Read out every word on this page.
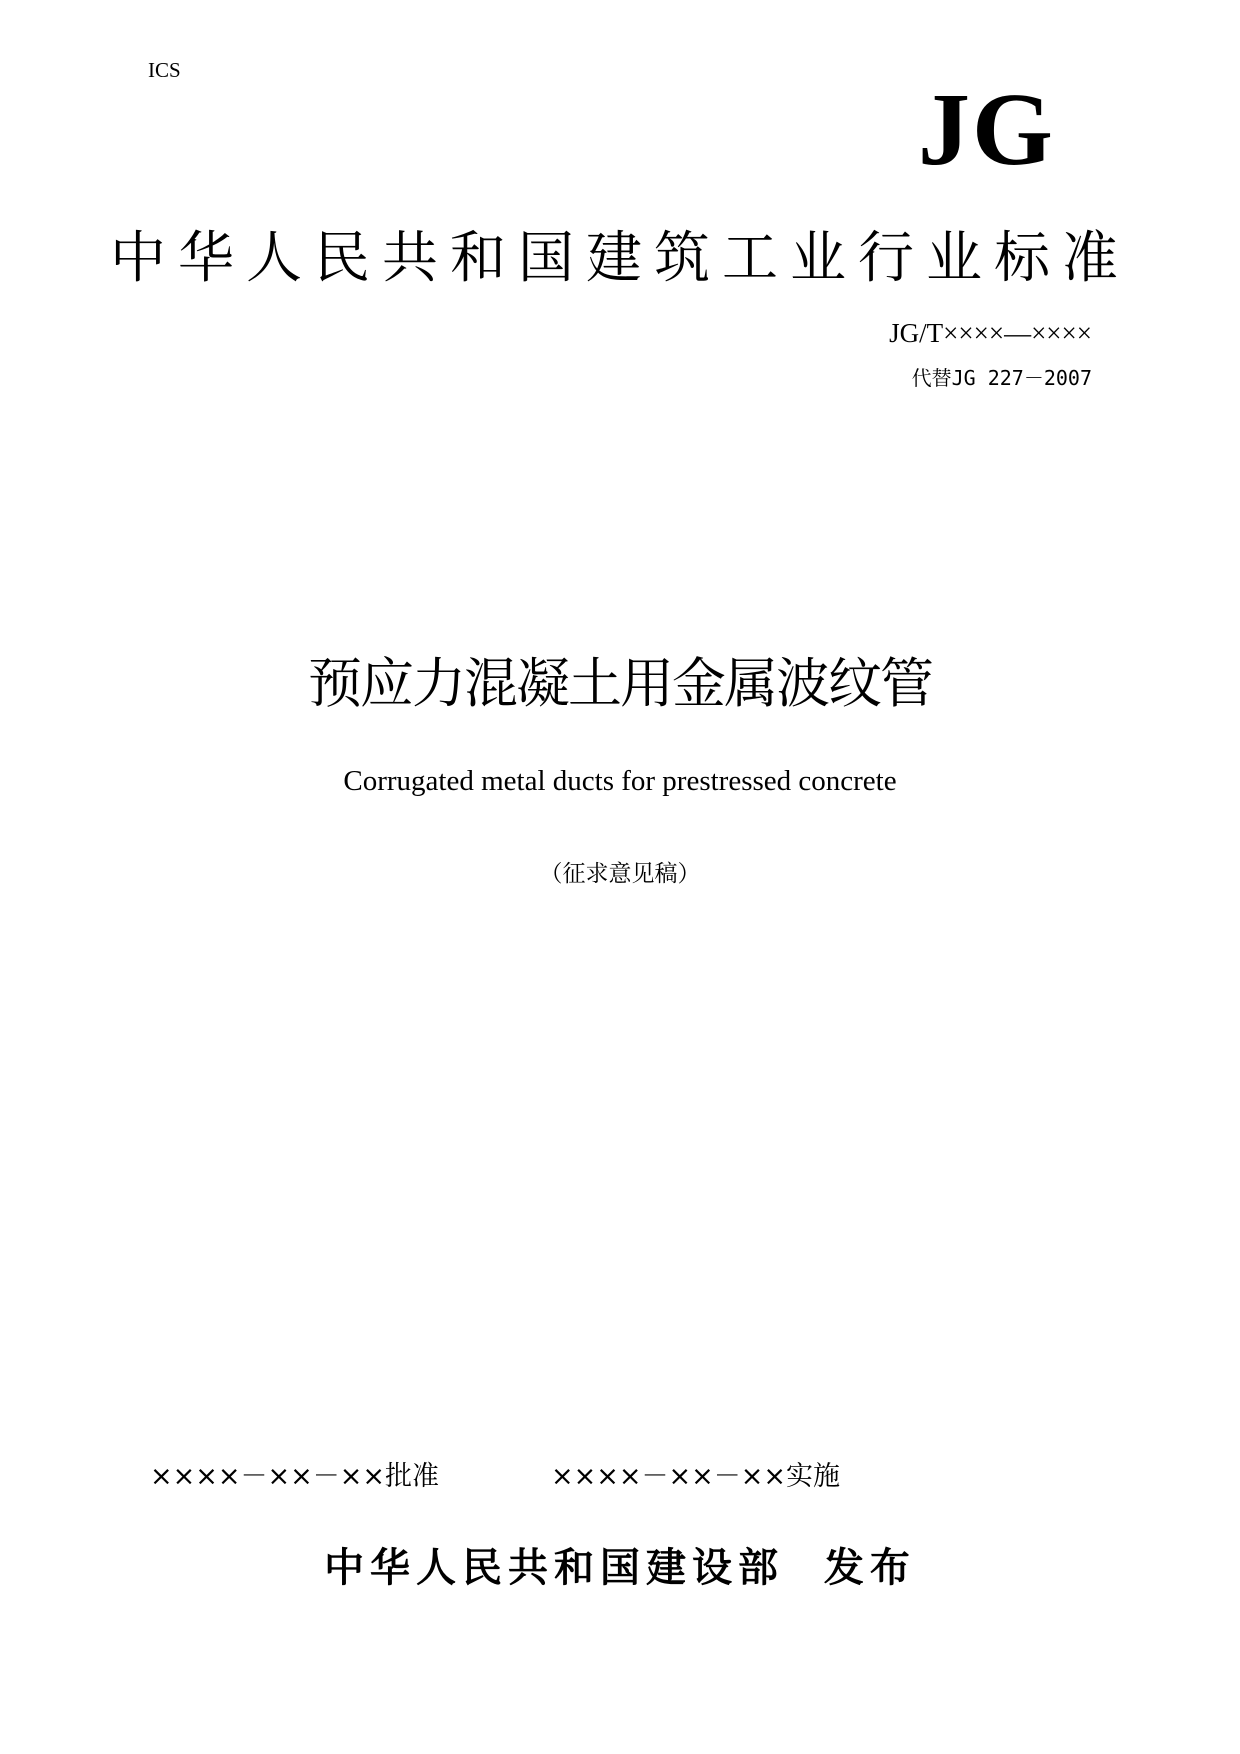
ICS
JG
中华人民共和国建筑工业行业标准
JG/T××××—××××
代替JG 227－2007
预应力混凝土用金属波纹管
Corrugated metal ducts for prestressed concrete
（征求意见稿）
××××－××－××批准	××××－××－××实施
中华人民共和国建设部  发布
